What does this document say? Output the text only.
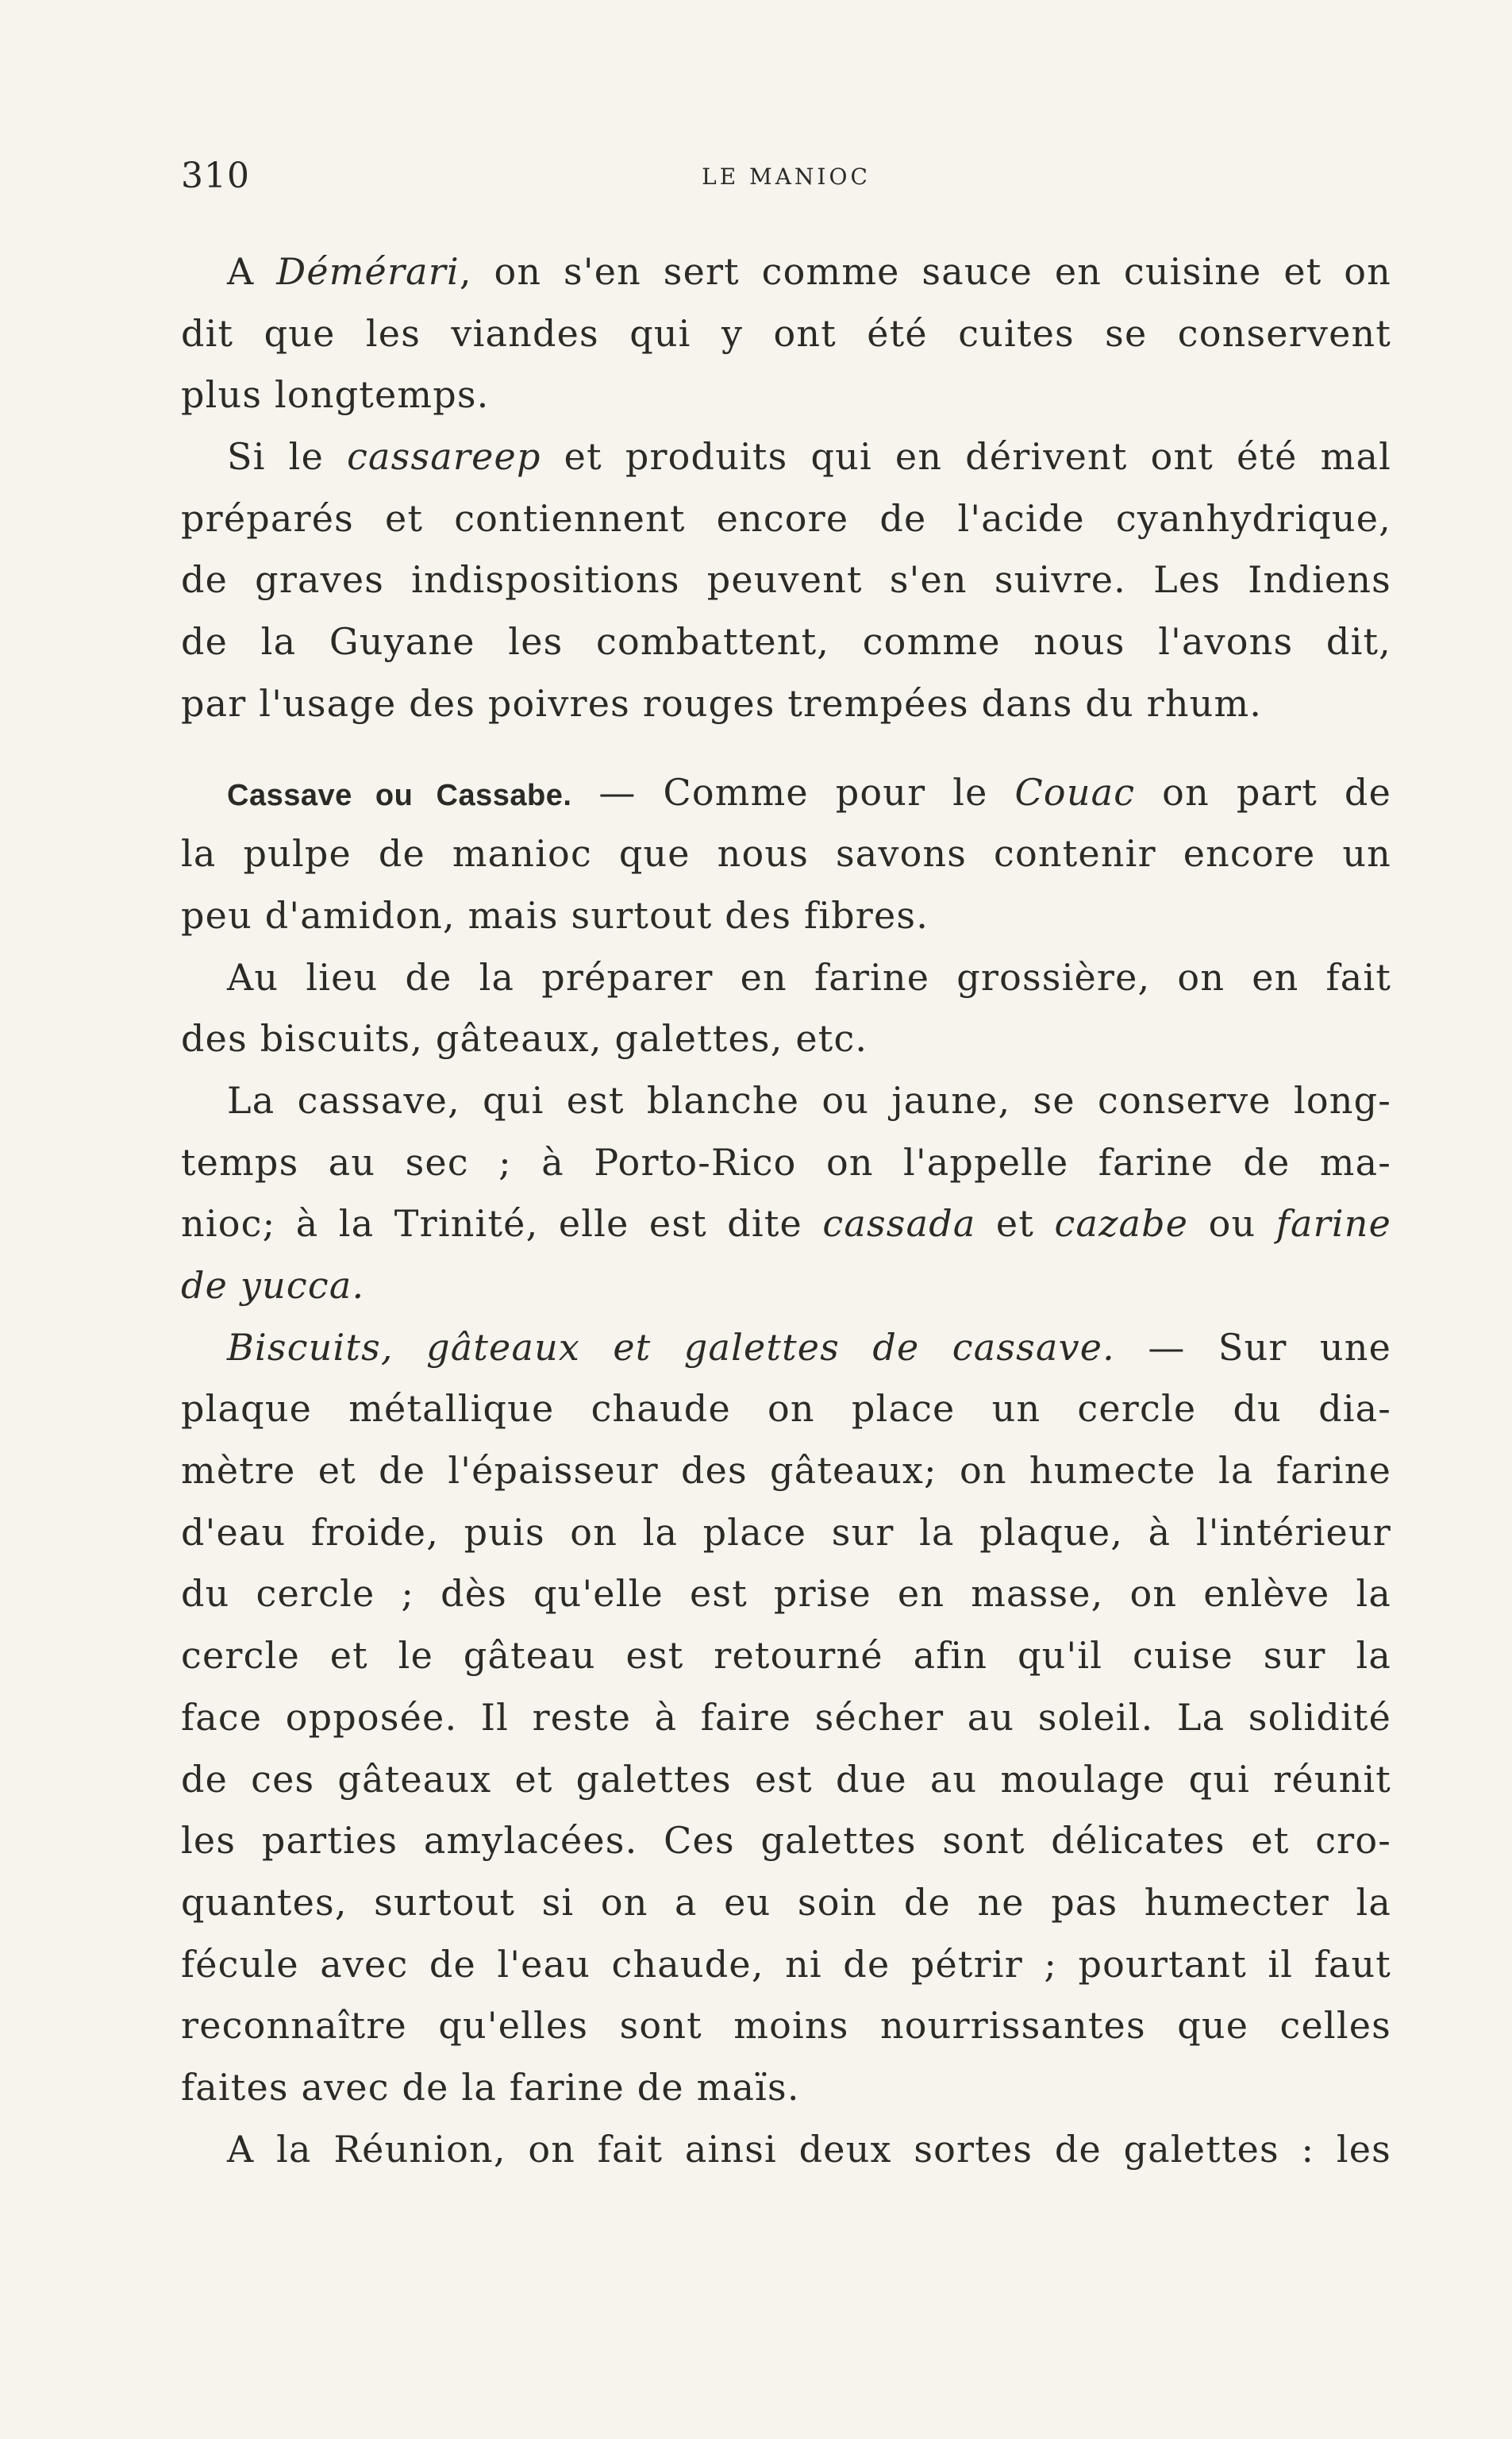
310	LE MANIOC
A Démérari, on s'en sert comme sauce en cuisine et on
dit que les viandes qui y ont été cuites se conservent
plus longtemps.
Si le cassareep et produits qui en dérivent ont été mal
préparés et contiennent encore de l'acide cyanhydrique,
de graves indispositions peuvent s'en suivre. Les Indiens
de la Guyane les combattent, comme nous l'avons dit,
par l'usage des poivres rouges trempées dans du rhum.
Cassave ou Cassabe. — Comme pour le Couac on part de
la pulpe de manioc que nous savons contenir encore un
peu d'amidon, mais surtout des fibres.
Au lieu de la préparer en farine grossière, on en fait
des biscuits, gâteaux, galettes, etc.
La cassave, qui est blanche ou jaune, se conserve long-
temps au sec ; à Porto-Rico on l'appelle farine de ma-
nioc; à la Trinité, elle est dite cassada et cazabe ou farine
de yucca.
Biscuits, gâteaux et galettes de cassave. — Sur une
plaque métallique chaude on place un cercle du dia-
mètre et de l'épaisseur des gâteaux; on humecte la farine
d'eau froide, puis on la place sur la plaque, à l'intérieur
du cercle ; dès qu'elle est prise en masse, on enlève la
cercle et le gâteau est retourné afin qu'il cuise sur la
face opposée. Il reste à faire sécher au soleil. La solidité
de ces gâteaux et galettes est due au moulage qui réunit
les parties amylacées. Ces galettes sont délicates et cro-
quantes, surtout si on a eu soin de ne pas humecter la
fécule avec de l'eau chaude, ni de pétrir ; pourtant il faut
reconnaître qu'elles sont moins nourrissantes que celles
faites avec de la farine de maïs.
A la Réunion, on fait ainsi deux sortes de galettes : les
